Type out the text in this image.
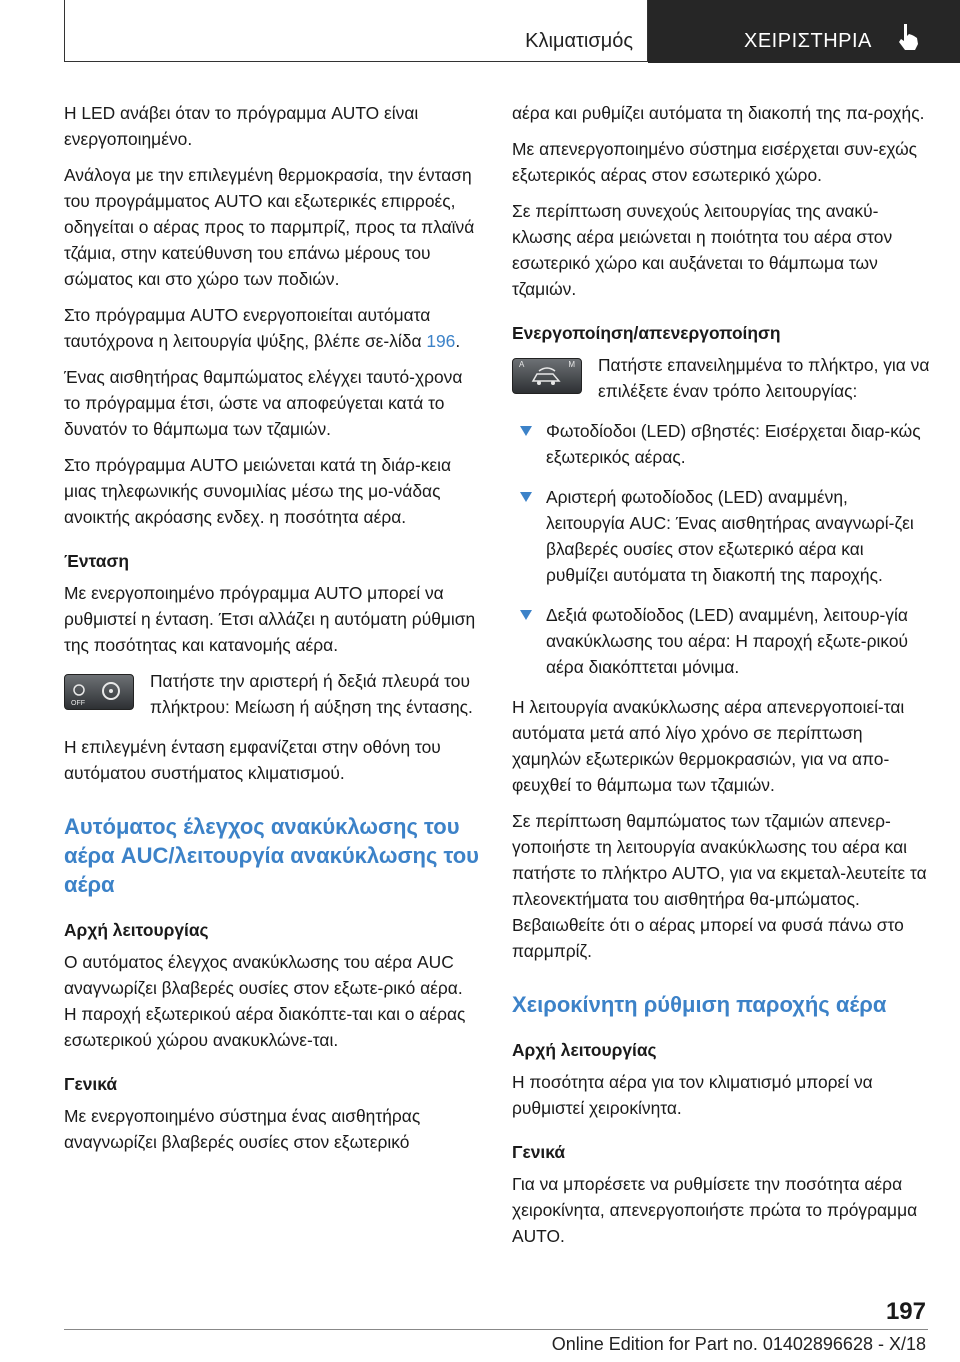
Κλιματισμός	ΧΕΙΡΙΣΤΗΡΙΑ

Η LED ανάβει όταν το πρόγραμμα AUTO είναι ενεργοποιημένο.

Ανάλογα με την επιλεγμένη θερμοκρασία, την ένταση του προγράμματος AUTO και εξωτερικές επιρροές, οδηγείται ο αέρας προς το παρμπρίζ, προς τα πλαϊνά τζάμια, στην κατεύθυνση του επάνω μέρους του σώματος και στο χώρο των ποδιών.

Στο πρόγραμμα AUTO ενεργοποιείται αυτόματα ταυτόχρονα η λειτουργία ψύξης, βλέπε σε-λίδα 196.

Ένας αισθητήρας θαμπώματος ελέγχει ταυτό-χρονα το πρόγραμμα έτσι, ώστε να αποφεύγεται κατά το δυνατόν το θάμπωμα των τζαμιών.

Στο πρόγραμμα AUTO μειώνεται κατά τη διάρ-κεια μιας τηλεφωνικής συνομιλίας μέσω της μο-νάδας ανοικτής ακρόασης ενδεχ. η ποσότητα αέρα.

Ένταση

Με ενεργοποιημένο πρόγραμμα AUTO μπορεί να ρυθμιστεί η ένταση. Έτσι αλλάζει η αυτόματη ρύθμιση της ποσότητας και κατανομής αέρα.

OFF
Πατήστε την αριστερή ή δεξιά πλευρά του πλήκτρου: Μείωση ή αύξηση της έντασης.

Η επιλεγμένη ένταση εμφανίζεται στην οθόνη του αυτόματου συστήματος κλιματισμού.

Αυτόματος έλεγχος ανακύκλωσης του αέρα AUC/λειτουργία ανακύκλωσης του αέρα
Αρχή λειτουργίας

Ο αυτόματος έλεγχος ανακύκλωσης του αέρα AUC αναγνωρίζει βλαβερές ουσίες στον εξωτε-ρικό αέρα. Η παροχή εξωτερικού αέρα διακόπτε-ται και ο αέρας εσωτερικού χώρου ανακυκλώνε-ται.

Γενικά

Με ενεργοποιημένο σύστημα ένας αισθητήρας αναγνωρίζει βλαβερές ουσίες στον εξωτερικό

αέρα και ρυθμίζει αυτόματα τη διακοπή της πα-ροχής.

Με απενεργοποιημένο σύστημα εισέρχεται συν-εχώς εξωτερικός αέρας στον εσωτερικό χώρο.

Σε περίπτωση συνεχούς λειτουργίας της ανακύ-κλωσης αέρα μειώνεται η ποιότητα του αέρα στον εσωτερικό χώρο και αυξάνεται το θάμπωμα των τζαμιών.

Ενεργοποίηση/απενεργοποίηση
A	M Πατήστε επανειλημμένα το πλήκτρο, για να επιλέξετε έναν τρόπο λειτουργίας:
Φωτοδίοδοι (LED) σβηστές: Εισέρχεται διαρ-κώς εξωτερικός αέρας.
Αριστερή φωτοδίοδος (LED) αναμμένη, λειτουργία AUC: Ένας αισθητήρας αναγνωρί-ζει βλαβερές ουσίες στον εξωτερικό αέρα και ρυθμίζει αυτόματα τη διακοπή της παροχής.
Δεξιά φωτοδίοδος (LED) αναμμένη, λειτουρ-γία ανακύκλωσης του αέρα: Η παροχή εξωτε-ρικού αέρα διακόπτεται μόνιμα.

Η λειτουργία ανακύκλωσης αέρα απενεργοποιεί-ται αυτόματα μετά από λίγο χρόνο σε περίπτωση χαμηλών εξωτερικών θερμοκρασιών, για να απο-φευχθεί το θάμπωμα των τζαμιών.

Σε περίπτωση θαμπώματος των τζαμιών απενερ-γοποιήστε τη λειτουργία ανακύκλωσης του αέρα και πατήστε το πλήκτρο AUTO, για να εκμεταλ-λευτείτε τα πλεονεκτήματα του αισθητήρα θα-μπώματος. Βεβαιωθείτε ότι ο αέρας μπορεί να φυσά πάνω στο παρμπρίζ.

Χειροκίνητη ρύθμιση παροχής αέρα
Αρχή λειτουργίας

Η ποσότητα αέρα για τον κλιματισμό μπορεί να ρυθμιστεί χειροκίνητα.

Γενικά

Για να μπορέσετε να ρυθμίσετε την ποσότητα αέρα χειροκίνητα, απενεργοποιήστε πρώτα το πρόγραμμα AUTO.

197
Online Edition for Part no. 01402896628 - X/18
